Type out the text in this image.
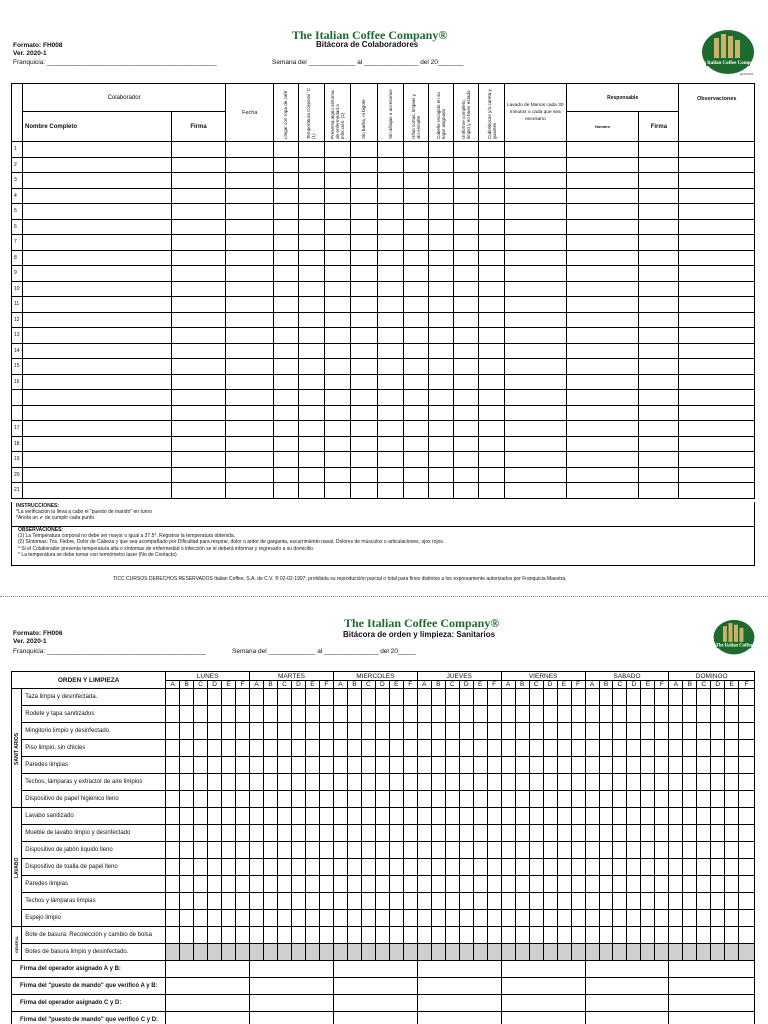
The Italian Coffee Company®
Bitácora de Colaboradores
Formato: FH008
Ver. 2020-1
Franquicia: _______________________________________________	Semana del _____________ al _______________ del 20_______	The Italian Coffee Company
gourmet
	Colaborador		Fecha	Llegar con ropa de café	Temperatura Corporal °C (1)	Presenta algún síntoma de enfermedad o infección. (2)	Sin barba, ni bigote	Sin alhajas o accesorios	Uñas cortas, limpias y sin esmalte	Cabello recogido en su lugar asignado	Uniforme completo, limpio y en buen estado	Cubrebocas y/o careta y guantes	Lavado de Manos cada 30 minutos o cada que sea necesario	Responsable		Observaciones
	Nombre Completo	Firma												Nombre	Firma	
1																
2																
3																
4																
5																
6																
7																
8																
9																
10																
11																
12																
13																
14																
15																
16																

17																
18																
19																
20																
21																
INSTRUCCIONES:
*La verificación la lleva a cabo el "puesto de mando" en turno
*Anota un ✔ de cumplir cada punto.
OBSERVACIONES:
(1) La Temperatura corporal no debe ser mayor o igual a 37.5°. Registrar la temperatura obtenida.
(2) Síntomas: Tos, Fiebre, Dolor de Cabeza y que sea acompañado por Dificultad para respirar, dolor o ardor de garganta, escurrimiento nasal, Dolores de músculos o articulaciones, ojos rojos.
* Si el Colaborador presenta temperatura alta o síntomas de enfermedad o infección se le deberá informar y regresarlo a su domicilio.
* La temperatura se debe tomar con termómetro laser (No de Contacto)
TICC CURSOS DERECHOS RESERVADOS Italian Coffee, S.A. de C.V. ® 02-02-1997, prohibida su reproducción parcial o total para fines distintos a los expresamente autorizados por Franquicia Maestra.
The Italian Coffee Company®
Bitácora de orden y limpieza: Sanitarios
Formato: FH006
Ver. 2020-1
Franquicia: ____________________________________________	Semana del _____________ al _______________ del 20_____
The Italian Coffee
ORDEN Y LIMPIEZA		LUNES						MARTES						MIERCOLES						JUEVES						VIERNES						SABADO						DOMINGO					
		A	B	C	D	E	F	A	B	C	D	E	F	A	B	C	D	E	F	A	B	C	D	E	F	A	B	C	D	E	F	A	B	C	D	E	F	A	B	C	D	E	F
SANIT ARIOS	Taza limpia y desinfectada.																																										
	Rodete y tapa sanitizados																																										
	Mingitorio limpio y desinfectado.																																										
	Piso limpio, sin chicles																																										
	Paredes limpias																																										
	Techos, lámparas y extractor de aire limpios																																										
	Dispositivo de papel higiénico lleno																																										
LAVABO	Lavabo sanitizado																																										
	Mueble de lavabo limpio y desinfectado																																										
	Dispositivo de jabón líquido lleno																																										
	Dispositivo de toalla de papel lleno																																										
	Paredes limpias																																										
	Techos y lámparas limpias																																										
	Espejo limpio																																										
GENERAL	Bote de basura: Recolección y cambio de bolsa																																										
	Botes de basura limpio y desinfectado.																																										
Firma del operador asignado A y B:																																											
Firma del "puesto de mando" que verificó A y B:																																											
Firma del operador asignado C y D:																																											
Firma del "puesto de mando" que verificó C y D:																																											
